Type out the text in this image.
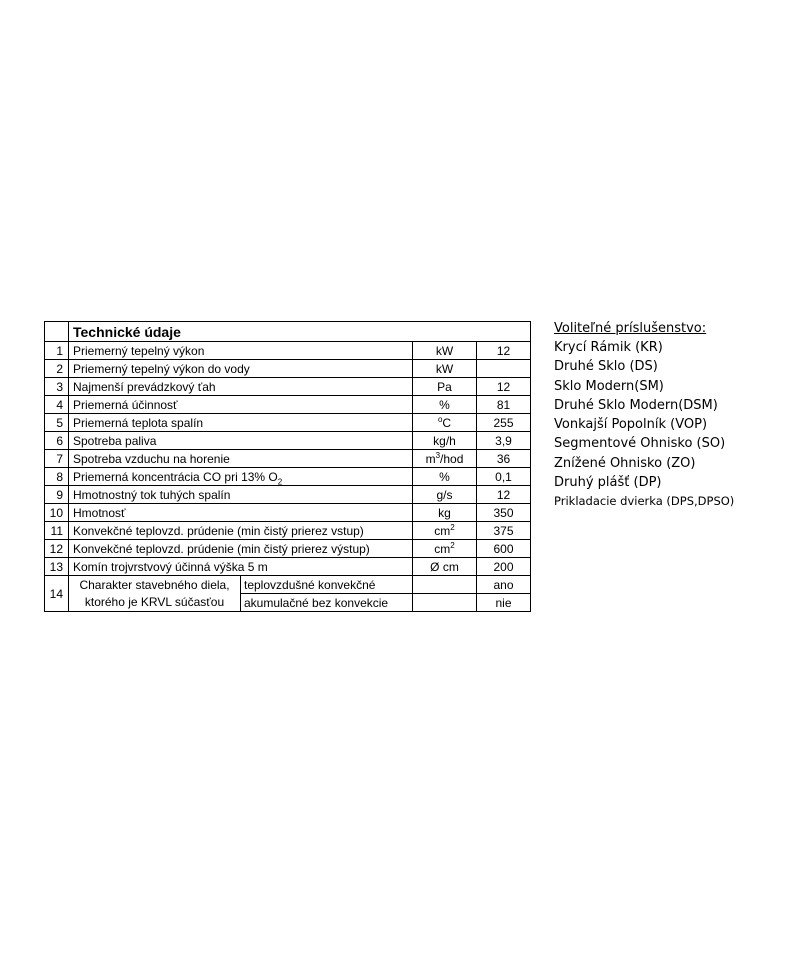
	Technické údaje			
1	Priemerný tepelný výkon		kW	12
2	Priemerný tepelný výkon do vody		kW	
3	Najmenší prevádzkový ťah		Pa	12
4	Priemerná účinnosť		%	81
5	Priemerná teplota spalín		$^o$C	255
6	Spotreba paliva		kg/h	3,9
7	Spotreba vzduchu na horenie		$m^3$/hod	36
8	Priemerná koncentrácia CO pri 13% $O_2$		%	0,1
9	Hmotnostný tok tuhých spalín		g/s	12
10	Hmotnosť		kg	350
11	Konvekčné teplovzd. prúdenie (min čistý prierez vstup)		$cm^2$	375
12	Konvekčné teplovzd. prúdenie (min čistý prierez výstup)		$cm^2$	600
13	Komín trojvrstvový účinná výška 5 m		Ø cm	200
14	Charakter stavebného diela,
ktorého je KRVL súčasťou	teplovzdušné konvekčné		ano
		akumulačné bez konvekcie		nie
Voliteľné príslušenstvo:
Krycí Rámik (KR)
Druhé Sklo (DS)
Sklo Modern(SM)
Druhé Sklo Modern(DSM)
Vonkajší Popolník (VOP)
Segmentové Ohnisko (SO)
Znížené Ohnisko (ZO)
Druhý plášť (DP)
Prikladacie dvierka (DPS,DPSO)
